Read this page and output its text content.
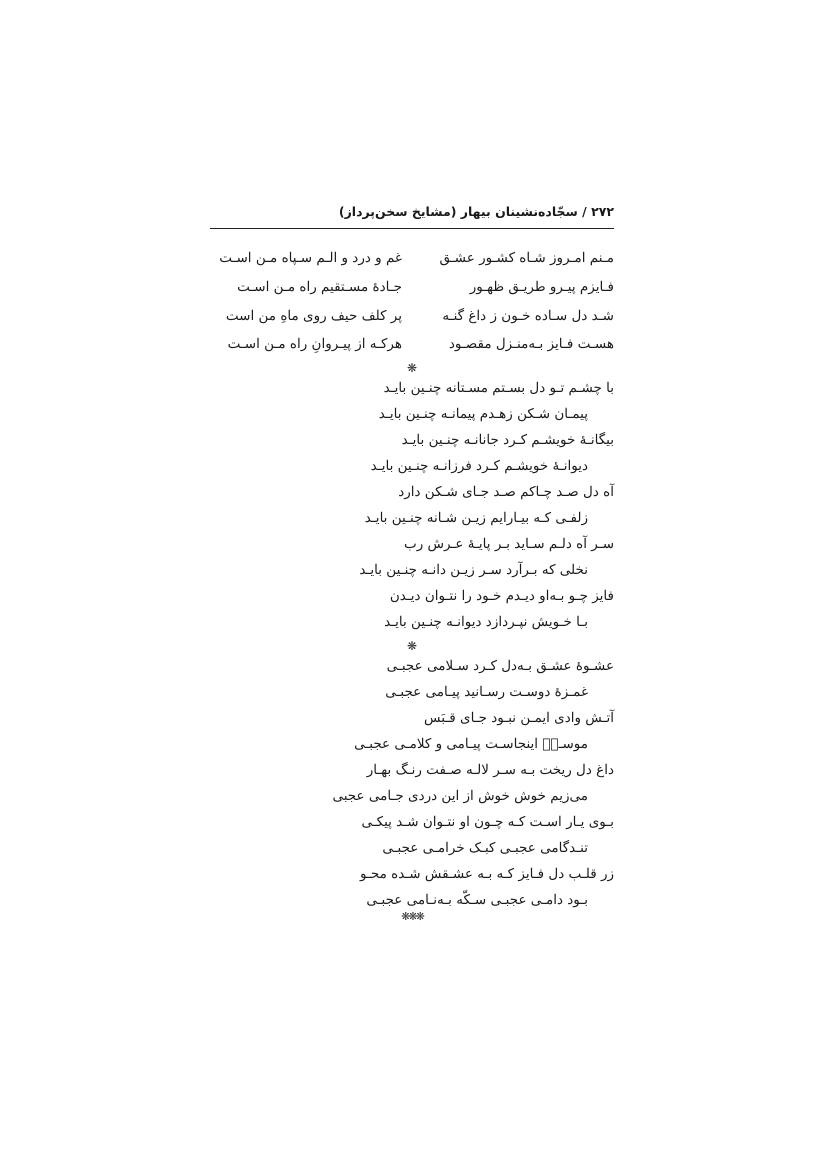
۲۷۲ / سجّاده‌نشینان بیهار (مشایخ سخن‌پرداز)
مـنم امـروز شـاه کشـور عشـق
غم و درد و الـم سـپاه مـن اسـت
فـایزم پیـرو طریـق ظهـور
جـادۀ مسـتقیم راه مـن اسـت
شـد دل سـاده خـون ز داغ گنـه
پر کلف حیف روی ماهِ من است
هسـت فـایز بـه‌منـزل مقصـود
هرکـه از پیـروانِ راه مـن اسـت
❋
با چشـم تـو دل بسـتم مسـتانه چنـین بایـد
پیمـان شـکن زهـدم پیمانـه چنـین بایـد
بیگانـۀ خویشـم کـرد جانانـه چنـین بایـد
دیوانـۀ خویشـم کـرد فرزانـه چنـین بایـد
آه دل صـد چـاکم صـد جـای شـکن دارد
زلفـی کـه بیـارایم زیـن شـانه چنـین بایـد
سـر آه دلـم سـاید بـر پایـۀ عـرش رب
نخلی که بـرآرد سـر زیـن دانـه چنـین بایـد
فایز چـو بـه‌او دیـدم خـود را نتـوان دیـدن
بـا خـویش نپـردازد دیوانـه چنـین بایـد
❋
عشـوۀ عشـق بـه‌دل کـرد سـلامی عجبـی
غمـزۀ دوسـت رسـانید پیـامی عجبـی
آتـش وادی ایمـن نبـود جـای قـبَس
موسـیؑ اینجاسـت پیـامی و کلامـی عجبـی
داغ دل ریخت بـه سـر لالـه صـفت رنـگ بهـار
می‌زیم خوش خوش از این دردی جـامی عجبی
بـوی یـار اسـت کـه چـون او نتـوان شـد پیکـی
تنـدگامی عجبـی کبـک خرامـی عجبـی
زر قلـب دل فـایز کـه بـه عشـقش شـده محـو
بـود دامـی عجبـی سـکّه بـه‌نـامی عجبـی
❋❋❋
